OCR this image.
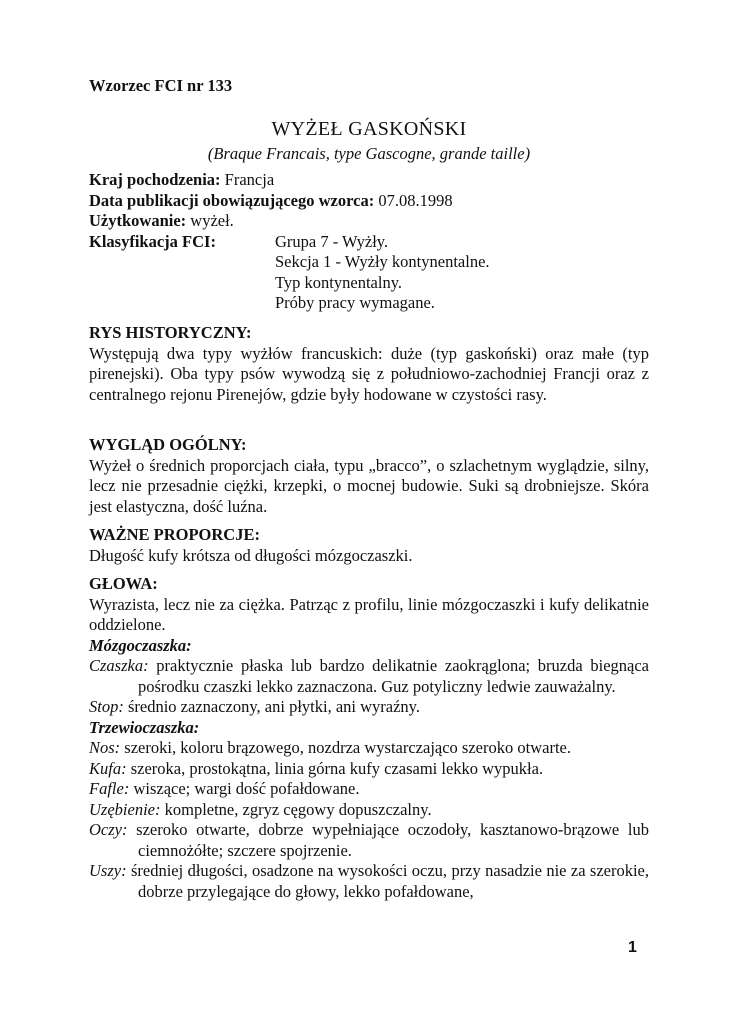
Wzorzec FCI nr 133
WYŻEŁ GASKOŃSKI
(Braque Francais, type Gascogne, grande taille)
Kraj pochodzenia: Francja
Data publikacji obowiązującego wzorca: 07.08.1998
Użytkowanie: wyżeł.
Klasyfikacja FCI:	Grupa 7 - Wyżły.
Sekcja 1 - Wyżły kontynentalne.
Typ kontynentalny.
Próby pracy wymagane.
RYS HISTORYCZNY:
Występują dwa typy wyżłów francuskich: duże (typ gaskoński) oraz małe (typ pirenejski). Oba typy psów wywodzą się z południowo-zachodniej Francji oraz z centralnego rejonu Pirenejów, gdzie były hodowane w czystości rasy.
WYGLĄD OGÓLNY:
Wyżeł o średnich proporcjach ciała, typu „bracco”, o szlachetnym wyglądzie, silny, lecz nie przesadnie ciężki, krzepki, o mocnej budowie. Suki są drobniejsze. Skóra jest elastyczna, dość luźna.
WAŻNE PROPORCJE:
Długość kufy krótsza od długości mózgoczaszki.
GŁOWA:
Wyrazista, lecz nie za ciężka. Patrząc z profilu, linie mózgoczaszki i kufy delikatnie oddzielone.
Mózgoczaszka:
Czaszka: praktycznie płaska lub bardzo delikatnie zaokrąglona; bruzda biegnąca pośrodku czaszki lekko zaznaczona. Guz potyliczny ledwie zauważalny.
Stop: średnio zaznaczony, ani płytki, ani wyraźny.
Trzewioczaszka:
Nos: szeroki, koloru brązowego, nozdrza wystarczająco szeroko otwarte.
Kufa: szeroka, prostokątna, linia górna kufy czasami lekko wypukła.
Fafle: wiszące; wargi dość pofałdowane.
Uzębienie: kompletne, zgryz cęgowy dopuszczalny.
Oczy: szeroko otwarte, dobrze wypełniające oczodoły, kasztanowo-brązowe lub ciemnożółte; szczere spojrzenie.
Uszy: średniej długości, osadzone na wysokości oczu, przy nasadzie nie za szerokie, dobrze przylegające do głowy, lekko pofałdowane,
1
